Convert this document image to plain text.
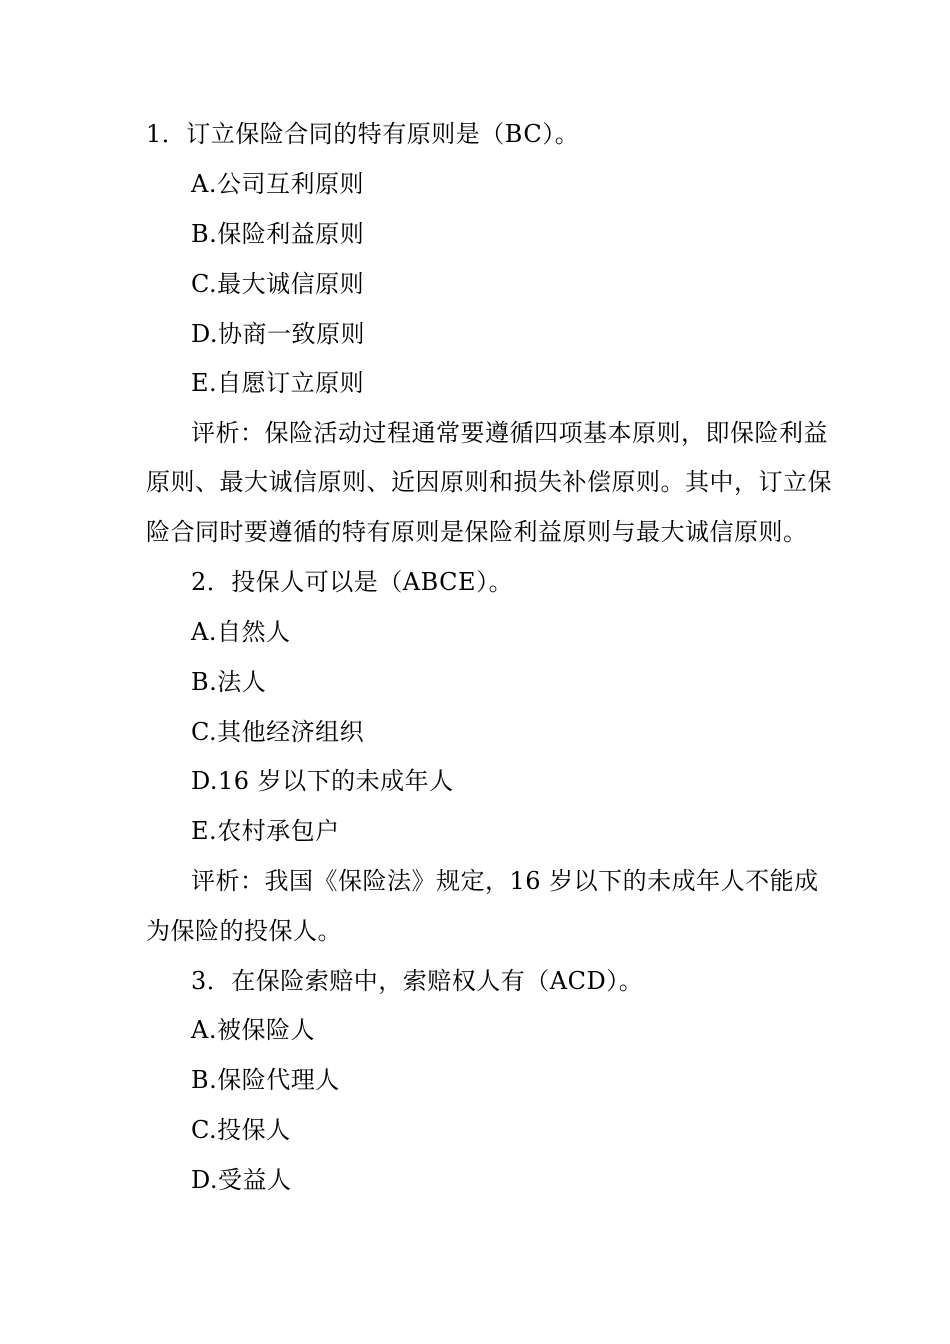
1．订立保险合同的特有原则是（BC）。
A.公司互利原则
B.保险利益原则
C.最大诚信原则
D.协商一致原则
E.自愿订立原则
评析：保险活动过程通常要遵循四项基本原则，即保险利益
原则、最大诚信原则、近因原则和损失补偿原则。其中，订立保
险合同时要遵循的特有原则是保险利益原则与最大诚信原则。
2．投保人可以是（ABCE）。
A.自然人
B.法人
C.其他经济组织
D.16 岁以下的未成年人
E.农村承包户
评析：我国《保险法》规定，16 岁以下的未成年人不能成
为保险的投保人。
3．在保险索赔中，索赔权人有（ACD）。
A.被保险人
B.保险代理人
C.投保人
D.受益人
